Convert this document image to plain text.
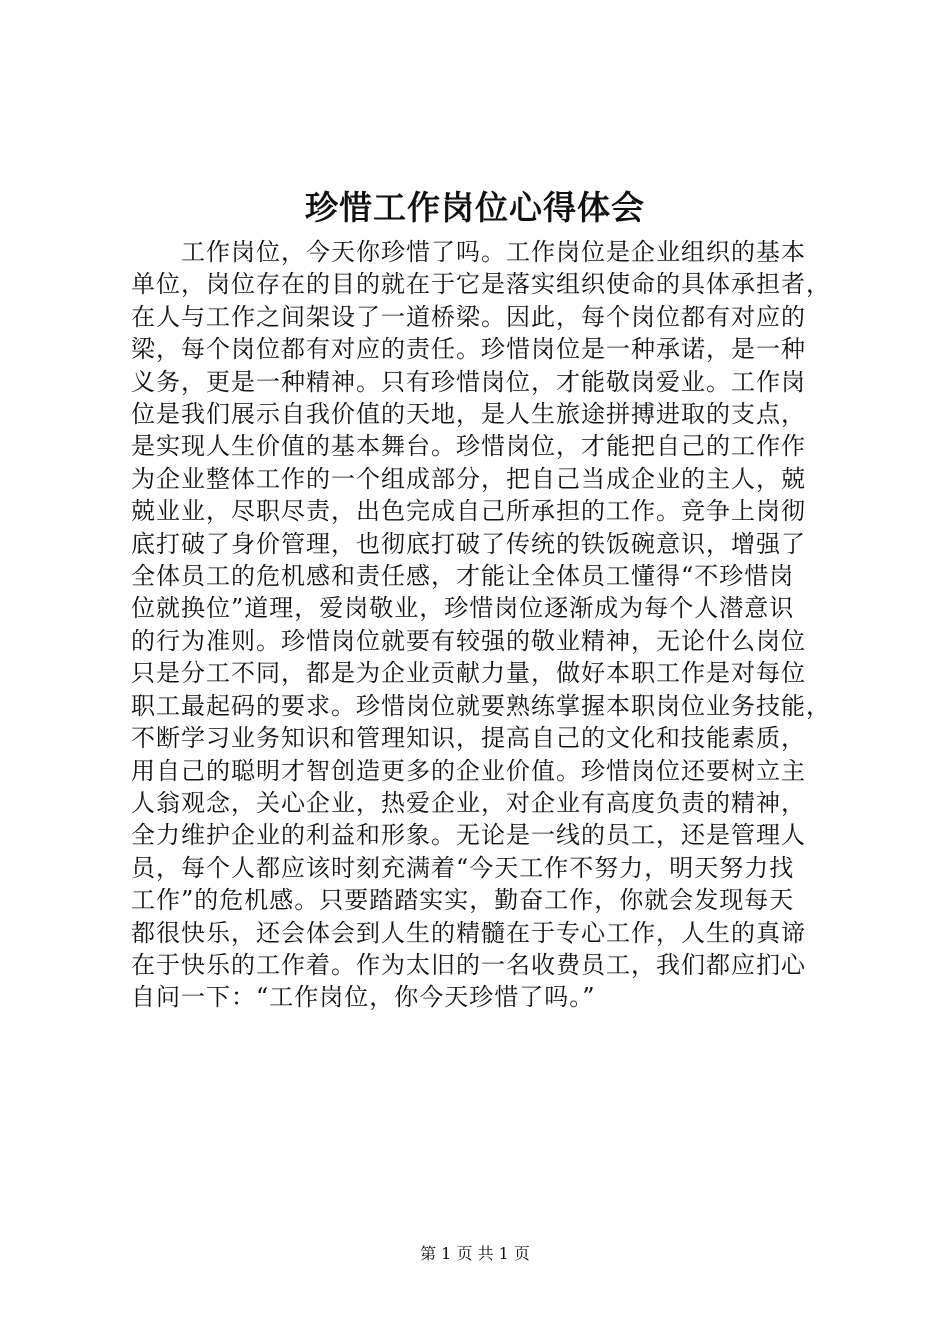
珍惜工作岗位心得体会
　　工作岗位，今天你珍惜了吗。工作岗位是企业组织的基本
单位，岗位存在的目的就在于它是落实组织使命的具体承担者，
在人与工作之间架设了一道桥梁。因此，每个岗位都有对应的
梁，每个岗位都有对应的责任。珍惜岗位是一种承诺，是一种
义务，更是一种精神。只有珍惜岗位，才能敬岗爱业。工作岗
位是我们展示自我价值的天地，是人生旅途拼搏进取的支点，
是实现人生价值的基本舞台。珍惜岗位，才能把自己的工作作
为企业整体工作的一个组成部分，把自己当成企业的主人，兢
兢业业，尽职尽责，出色完成自己所承担的工作。竞争上岗彻
底打破了身价管理，也彻底打破了传统的铁饭碗意识，增强了
全体员工的危机感和责任感，才能让全体员工懂得“不珍惜岗
位就换位”道理，爱岗敬业，珍惜岗位逐渐成为每个人潜意识
的行为准则。珍惜岗位就要有较强的敬业精神，无论什么岗位
只是分工不同，都是为企业贡献力量，做好本职工作是对每位
职工最起码的要求。珍惜岗位就要熟练掌握本职岗位业务技能，
不断学习业务知识和管理知识，提高自己的文化和技能素质，
用自己的聪明才智创造更多的企业价值。珍惜岗位还要树立主
人翁观念，关心企业，热爱企业，对企业有高度负责的精神，
全力维护企业的利益和形象。无论是一线的员工，还是管理人
员，每个人都应该时刻充满着“今天工作不努力，明天努力找
工作”的危机感。只要踏踏实实，勤奋工作，你就会发现每天
都很快乐，还会体会到人生的精髓在于专心工作，人生的真谛
在于快乐的工作着。作为太旧的一名收费员工，我们都应扪心
自问一下：“工作岗位，你今天珍惜了吗。”
第 1 页 共 1 页
